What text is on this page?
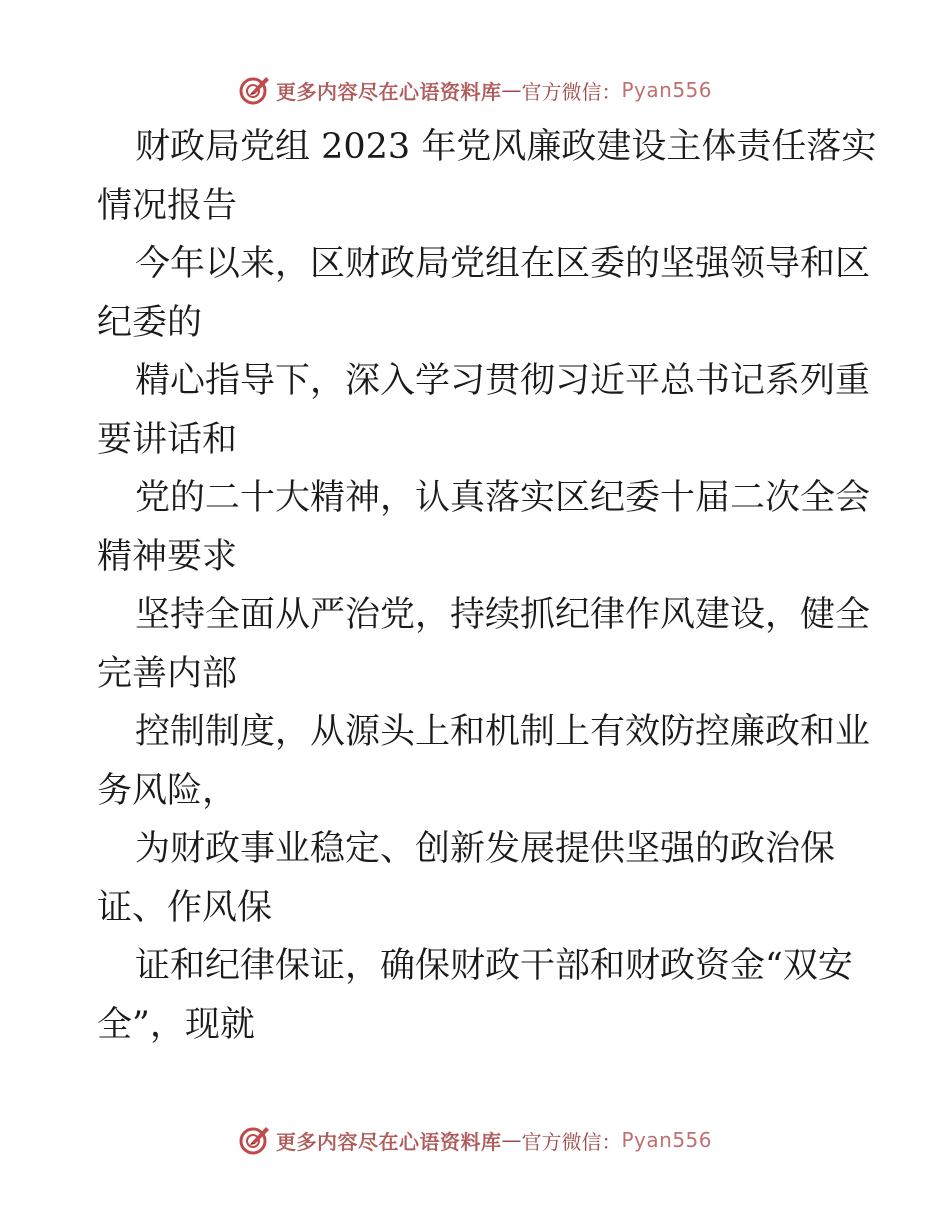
更多内容尽在心语资料库 — 官方微信： Pyan556
财政局党组 2023 年党风廉政建设主体责任落实
情况报告
今年以来，区财政局党组在区委的坚强领导和区
纪委的
精心指导下，深入学习贯彻习近平总书记系列重
要讲话和
党的二十大精神，认真落实区纪委十届二次全会
精神要求
坚持全面从严治党，持续抓纪律作风建设，健全
完善内部
控制制度，从源头上和机制上有效防控廉政和业
务风险，
为财政事业稳定、创新发展提供坚强的政治保
证、作风保
证和纪律保证，确保财政干部和财政资金“双安
全”，现就
更多内容尽在心语资料库 — 官方微信： Pyan556
